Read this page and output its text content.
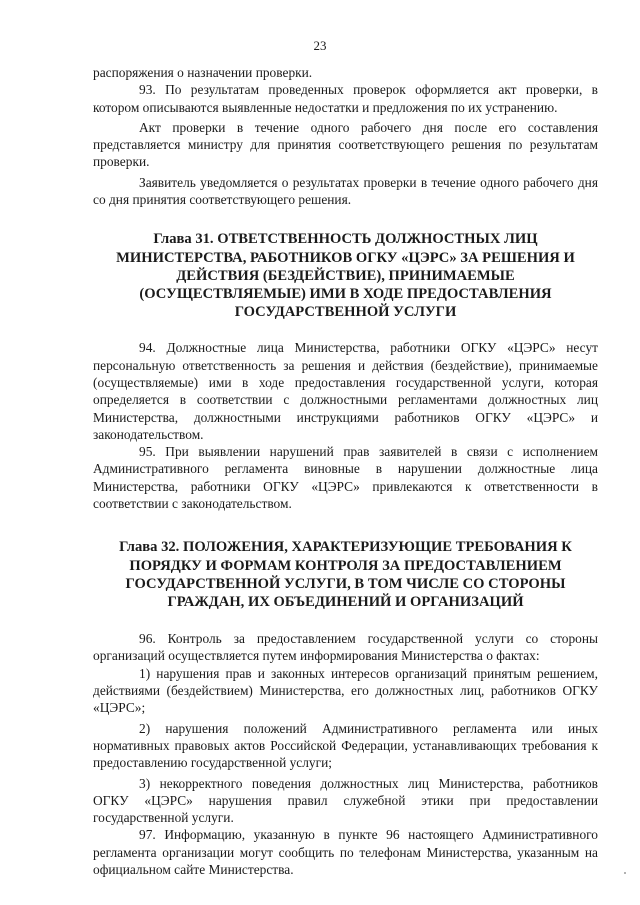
23

распоряжения о назначении проверки.

93. По результатам проведенных проверок оформляется акт проверки, в котором описываются выявленные недостатки и предложения по их устранению.

Акт проверки в течение одного рабочего дня после его составления представляется министру для принятия соответствующего решения по результатам проверки.

Заявитель уведомляется о результатах проверки в течение одного рабочего дня со дня принятия соответствующего решения.

Глава 31. ОТВЕТСТВЕННОСТЬ ДОЛЖНОСТНЫХ ЛИЦ МИНИСТЕРСТВА, РАБОТНИКОВ ОГКУ «ЦЭРС» ЗА РЕШЕНИЯ И ДЕЙСТВИЯ (БЕЗДЕЙСТВИЕ), ПРИНИМАЕМЫЕ (ОСУЩЕСТВЛЯЕМЫЕ) ИМИ В ХОДЕ ПРЕДОСТАВЛЕНИЯ ГОСУДАРСТВЕННОЙ УСЛУГИ

94. Должностные лица Министерства, работники ОГКУ «ЦЭРС» несут персональную ответственность за решения и действия (бездействие), принимаемые (осуществляемые) ими в ходе предоставления государственной услуги, которая определяется в соответствии с должностными регламентами должностных лиц Министерства, должностными инструкциями работников ОГКУ «ЦЭРС» и законодательством.

95. При выявлении нарушений прав заявителей в связи с исполнением Административного регламента виновные в нарушении должностные лица Министерства, работники ОГКУ «ЦЭРС» привлекаются к ответственности в соответствии с законодательством.

Глава 32. ПОЛОЖЕНИЯ, ХАРАКТЕРИЗУЮЩИЕ ТРЕБОВАНИЯ К ПОРЯДКУ И ФОРМАМ КОНТРОЛЯ ЗА ПРЕДОСТАВЛЕНИЕМ ГОСУДАРСТВЕННОЙ УСЛУГИ, В ТОМ ЧИСЛЕ СО СТОРОНЫ ГРАЖДАН, ИХ ОБЪЕДИНЕНИЙ И ОРГАНИЗАЦИЙ

96. Контроль за предоставлением государственной услуги со стороны организаций осуществляется путем информирования Министерства о фактах:

1) нарушения прав и законных интересов организаций принятым решением, действиями (бездействием) Министерства, его должностных лиц, работников ОГКУ «ЦЭРС»;

2) нарушения положений Административного регламента или иных нормативных правовых актов Российской Федерации, устанавливающих требования к предоставлению государственной услуги;

3) некорректного поведения должностных лиц Министерства, работников ОГКУ «ЦЭРС» нарушения правил служебной этики при предоставлении государственной услуги.

97. Информацию, указанную в пункте 96 настоящего Административного регламента организации могут сообщить по телефонам Министерства, указанным на официальном сайте Министерства.
